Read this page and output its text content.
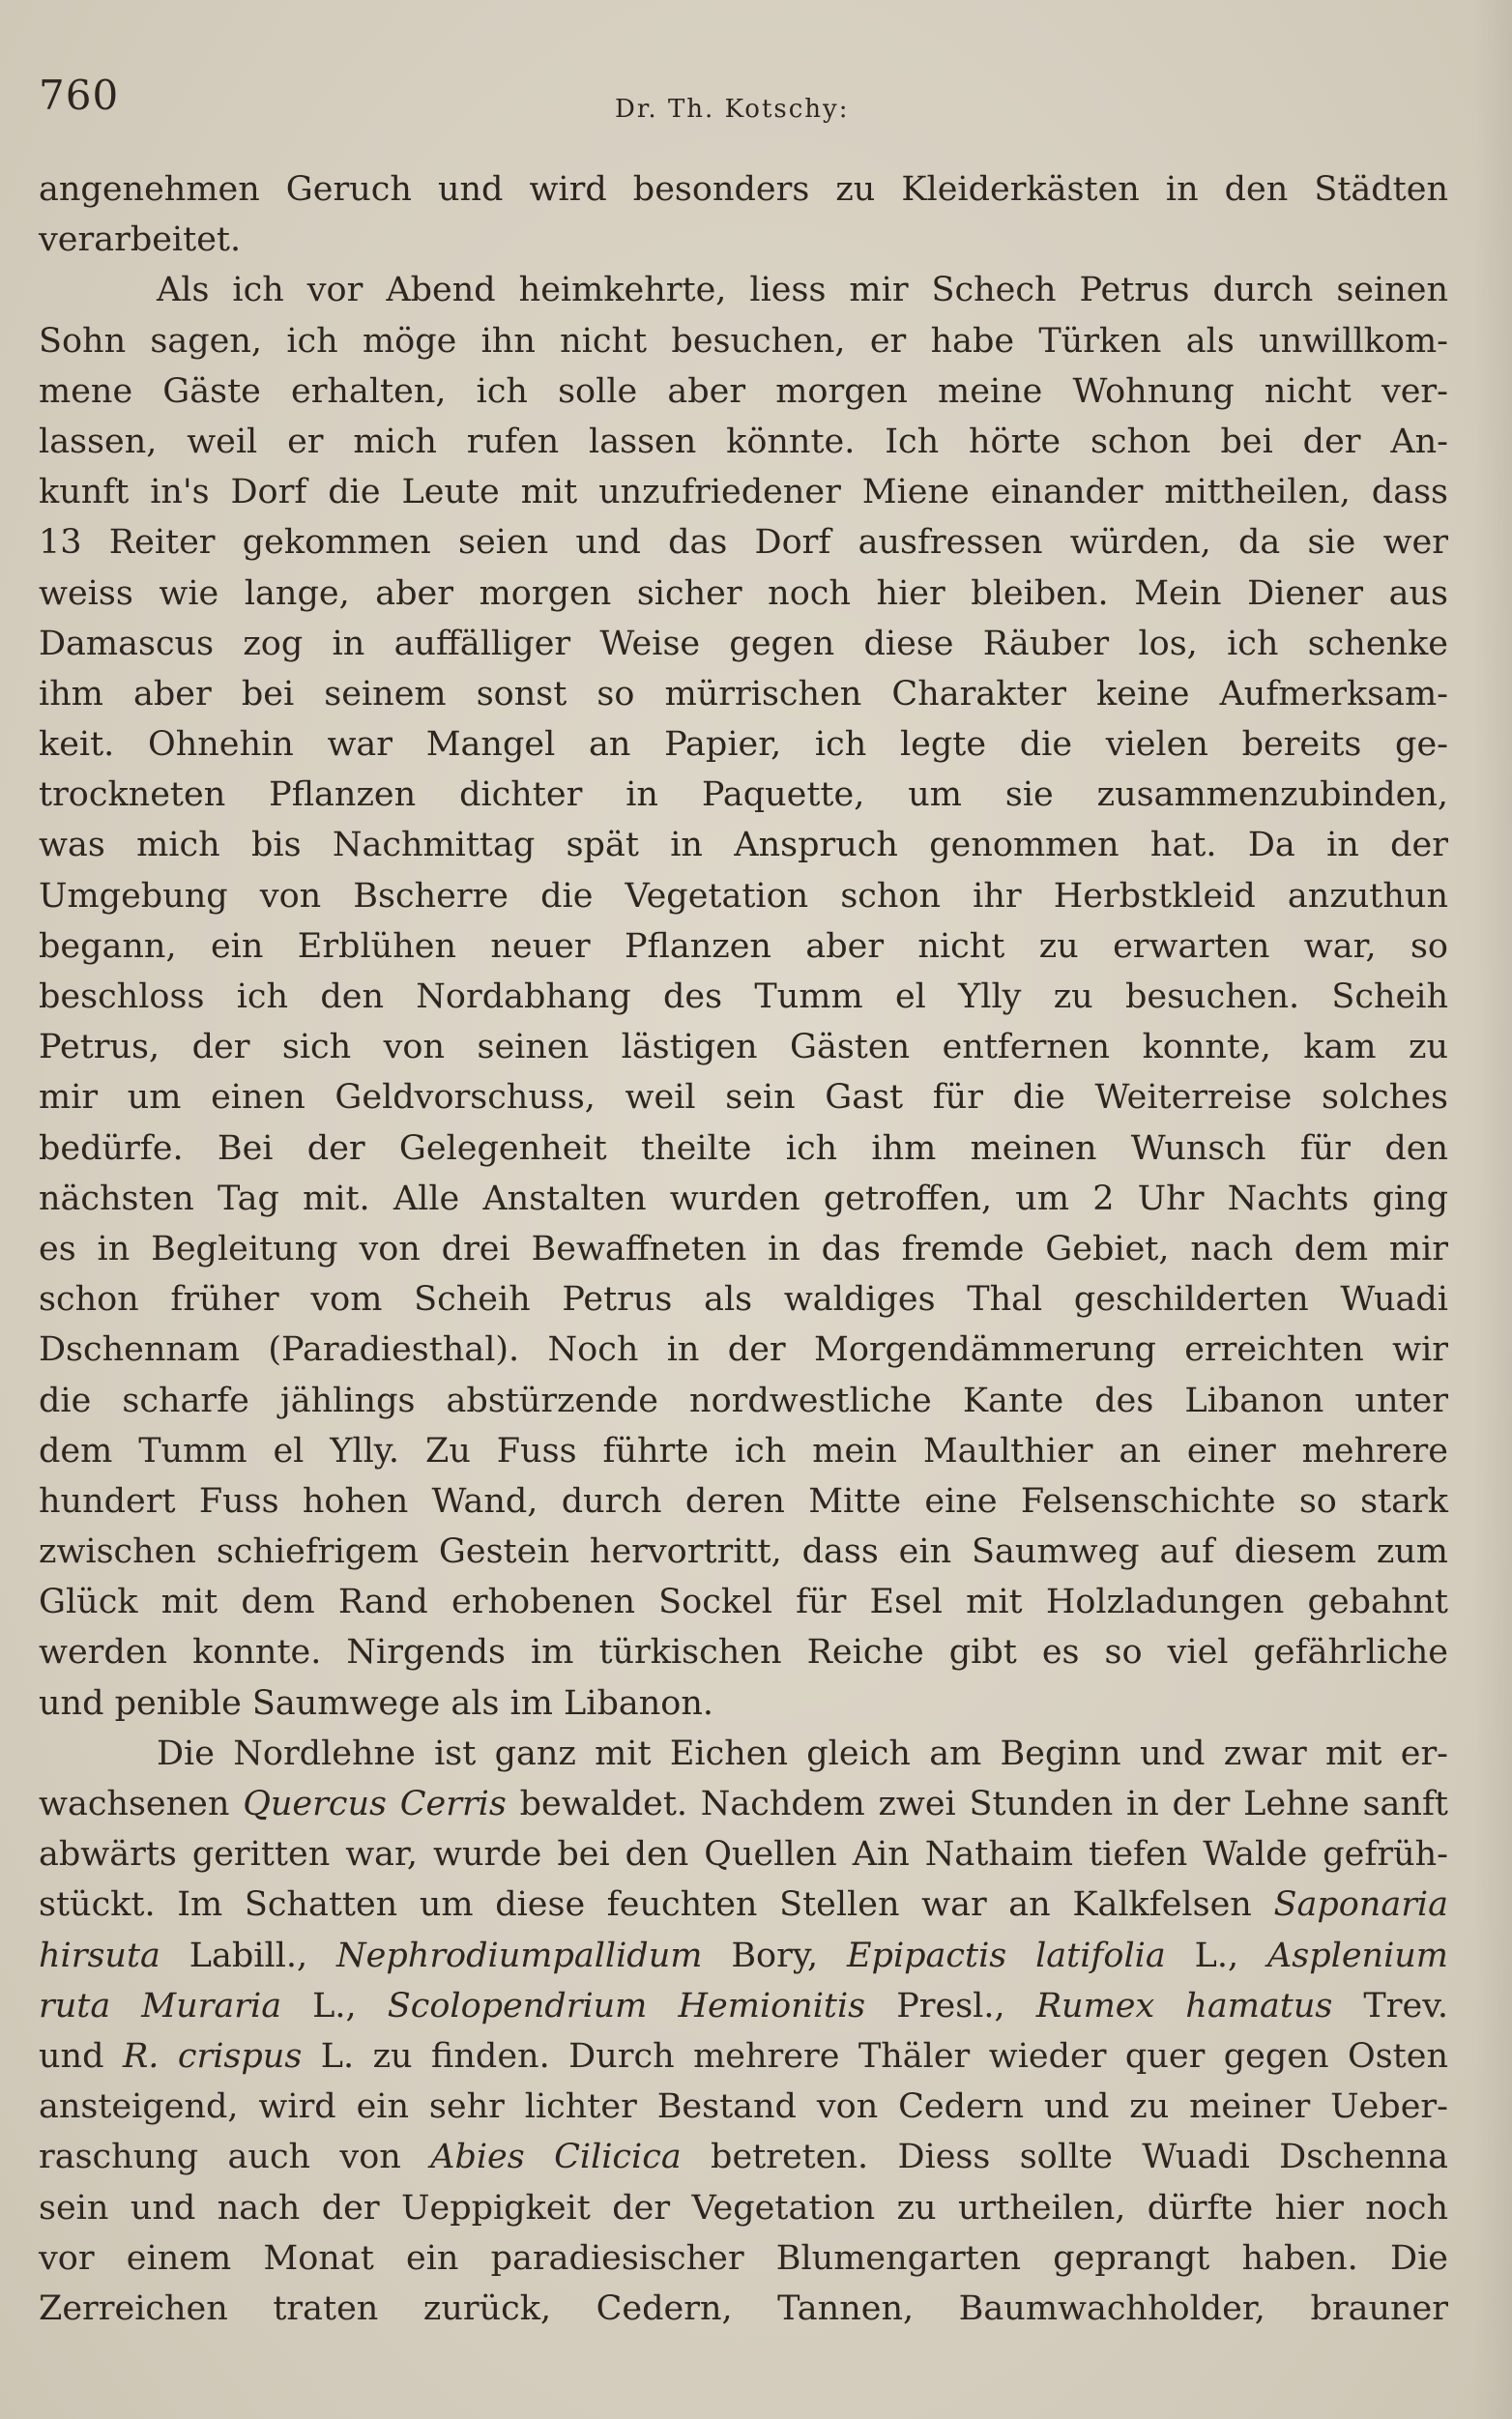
760	Dr. Th. Kotschy:
angenehmen Geruch und wird besonders zu Kleiderkästen in den Städten
verarbeitet.
Als ich vor Abend heimkehrte, liess mir Schech Petrus durch seinen
Sohn sagen, ich möge ihn nicht besuchen, er habe Türken als unwillkom-
mene Gäste erhalten, ich solle aber morgen meine Wohnung nicht ver-
lassen, weil er mich rufen lassen könnte. Ich hörte schon bei der An-
kunft in's Dorf die Leute mit unzufriedener Miene einander mittheilen, dass
13 Reiter gekommen seien und das Dorf ausfressen würden, da sie wer
weiss wie lange, aber morgen sicher noch hier bleiben. Mein Diener aus
Damascus zog in auffälliger Weise gegen diese Räuber los, ich schenke
ihm aber bei seinem sonst so mürrischen Charakter keine Aufmerksam-
keit. Ohnehin war Mangel an Papier, ich legte die vielen bereits ge-
trockneten Pflanzen dichter in Paquette, um sie zusammenzubinden,
was mich bis Nachmittag spät in Anspruch genommen hat. Da in der
Umgebung von Bscherre die Vegetation schon ihr Herbstkleid anzuthun
begann, ein Erblühen neuer Pflanzen aber nicht zu erwarten war, so
beschloss ich den Nordabhang des Tumm el Ylly zu besuchen. Scheih
Petrus, der sich von seinen lästigen Gästen entfernen konnte, kam zu
mir um einen Geldvorschuss, weil sein Gast für die Weiterreise solches
bedürfe. Bei der Gelegenheit theilte ich ihm meinen Wunsch für den
nächsten Tag mit. Alle Anstalten wurden getroffen, um 2 Uhr Nachts ging
es in Begleitung von drei Bewaffneten in das fremde Gebiet, nach dem mir
schon früher vom Scheih Petrus als waldiges Thal geschilderten Wuadi
Dschennam (Paradiesthal). Noch in der Morgendämmerung erreichten wir
die scharfe jählings abstürzende nordwestliche Kante des Libanon unter
dem Tumm el Ylly. Zu Fuss führte ich mein Maulthier an einer mehrere
hundert Fuss hohen Wand, durch deren Mitte eine Felsenschichte so stark
zwischen schiefrigem Gestein hervortritt, dass ein Saumweg auf diesem zum
Glück mit dem Rand erhobenen Sockel für Esel mit Holzladungen gebahnt
werden konnte. Nirgends im türkischen Reiche gibt es so viel gefährliche
und penible Saumwege als im Libanon.
Die Nordlehne ist ganz mit Eichen gleich am Beginn und zwar mit er-
wachsenen Quercus Cerris bewaldet. Nachdem zwei Stunden in der Lehne sanft
abwärts geritten war, wurde bei den Quellen Ain Nathaim tiefen Walde gefrüh-
stückt. Im Schatten um diese feuchten Stellen war an Kalkfelsen Saponaria
hirsuta Labill., Nephrodiumpallidum Bory, Epipactis latifolia L., Asplenium
ruta Muraria L., Scolopendrium Hemionitis Presl., Rumex hamatus Trev.
und R. crispus L. zu finden. Durch mehrere Thäler wieder quer gegen Osten
ansteigend, wird ein sehr lichter Bestand von Cedern und zu meiner Ueber-
raschung auch von Abies Cilicica betreten. Diess sollte Wuadi Dschenna
sein und nach der Ueppigkeit der Vegetation zu urtheilen, dürfte hier noch
vor einem Monat ein paradiesischer Blumengarten geprangt haben. Die
Zerreichen traten zurück, Cedern, Tannen, Baumwachholder, brauner
